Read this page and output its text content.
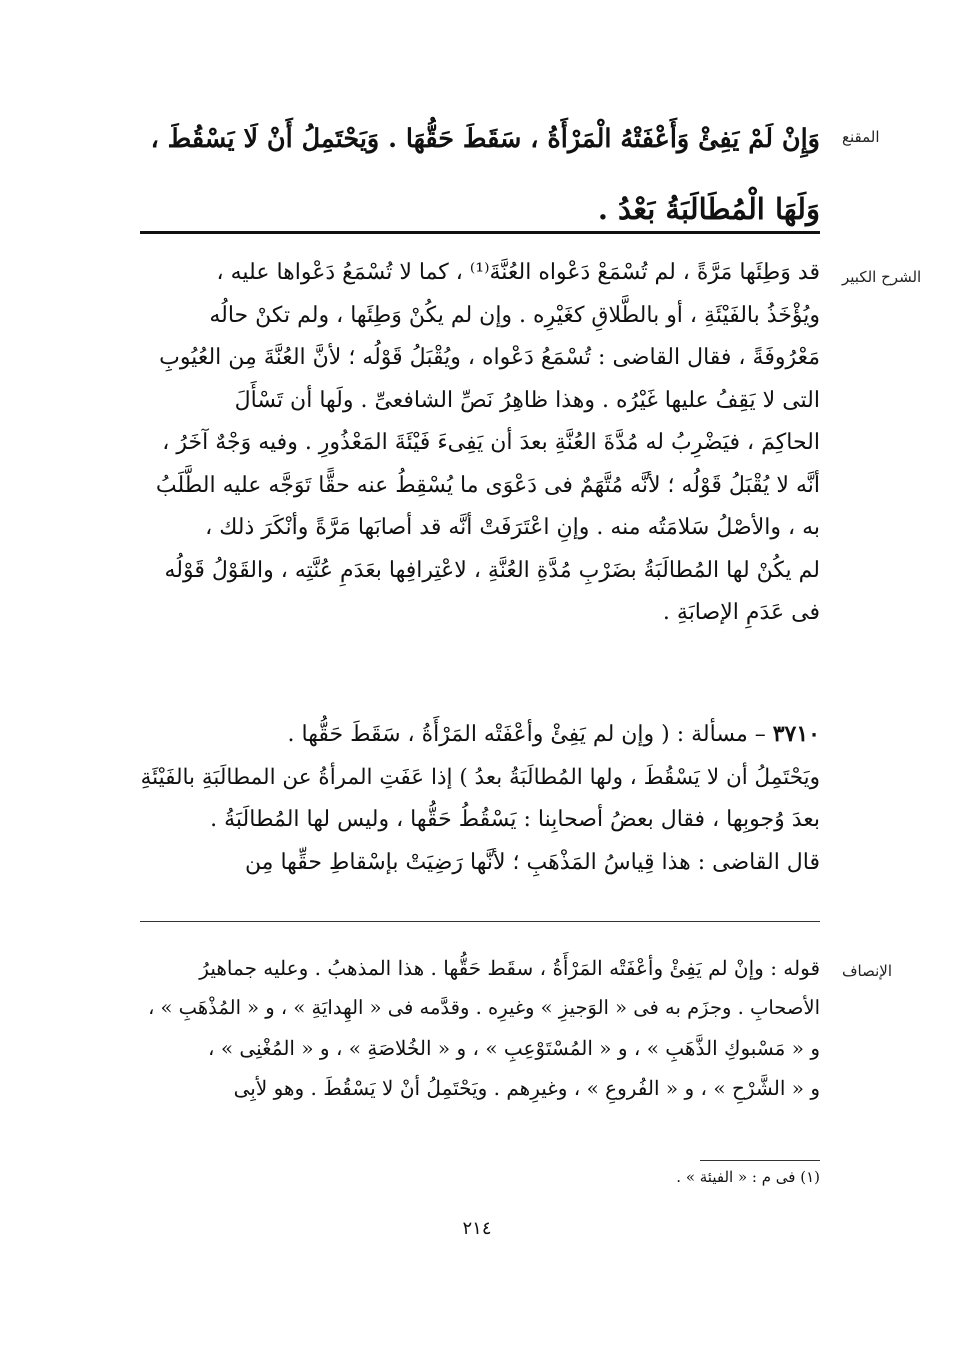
المقنع
وَإِنْ لَمْ يَفِئْ وَأَعْفَتْهُ الْمَرْأَةُ ، سَقَطَ حَقُّهَا . وَيَحْتَمِلُ أَنْ لَا يَسْقُطَ ،
وَلَهَا الْمُطَالَبَةُ بَعْدُ .
الشرح الكبير
قد وَطِئَها مَرَّةً ، لم تُسْمَعْ دَعْواه العُنَّةَ⁽¹⁾ ، كما لا تُسْمَعُ دَعْواها عليه ،
ويُؤْخَذُ بالفَيْئَةِ ، أو بالطَّلاقِ كغَيْرِه . وإن لم يكُنْ وَطِئَها ، ولم تكنْ حالُه
مَعْرُوفَةً ، فقال القاضى : تُسْمَعُ دَعْواه ، ويُقْبَلُ قَوْلُه ؛ لأنَّ العُنَّةَ مِن العُيُوبِ
التى لا يَقِفُ عليها غَيْرُه . وهذا ظاهِرُ نَصِّ الشافعىِّ . ولَها أن تَسْأَلَ
الحاكِمَ ، فيَضْرِبُ له مُدَّةَ العُنَّةِ بعدَ أن يَفِىءَ فَيْئَةَ المَعْذُورِ . وفيه وَجْهٌ آخَرُ ،
أنَّه لا يُقْبَلُ قَوْلُه ؛ لأنَّه مُتَّهَمٌ فى دَعْوَى ما يُسْقِطُ عنه حقًّا تَوَجَّه عليه الطَّلَبُ
به ، والأصْلُ سَلامَتُه منه . وإنِ اعْتَرَفَتْ أنَّه قد أصابَها مَرَّةً وأنْكَرَ ذلك ،
لم يكُنْ لها المُطالَبَةُ بضَرْبِ مُدَّةِ العُنَّةِ ، لاعْتِرافِها بعَدَمِ عُنَّتِه ، والقَوْلُ قَوْلُه
فى عَدَمِ الإصابَةِ .
٣٧١٠ – مسألة : ( وإن لم يَفِئْ وأعْفَتْه المَرْأَةُ ، سَقَطَ حَقُّها .
ويَحْتَمِلُ أن لا يَسْقُطَ ، ولها المُطالَبَةُ بعدُ ) إذا عَفَتِ المرأةُ عن المطالَبَةِ بالفَيْئَةِ
بعدَ وُجوبِها ، فقال بعضُ أصحابِنا : يَسْقُطُ حَقُّها ، وليس لها المُطالَبَةُ .
قال القاضى : هذا قِياسُ المَذْهَبِ ؛ لأنَّها رَضِيَتْ بإسْقاطِ حقِّها مِن
الإنصاف
قوله : وإنْ لم يَفِئْ وأعْفَتْه المَرْأَةُ ، سقَط حَقُّها . هذا المذهبُ . وعليه جماهيرُ
الأصحابِ . وجزَم به فى « الوَجيزِ » وغيرِه . وقدَّمه فى « الهِدايَةِ » ، و « المُذْهَبِ » ،
و « مَسْبوكِ الذَّهَبِ » ، و « المُسْتَوْعِبِ » ، و « الخُلاصَةِ » ، و « المُغْنِى » ،
و « الشَّرْحِ » ، و « الفُروعِ » ، وغيرِهم . ويَحْتَمِلُ أنْ لا يَسْقُطَ . وهو لأبِى
(١) فى م : « الفيئة » .
٢١٤
